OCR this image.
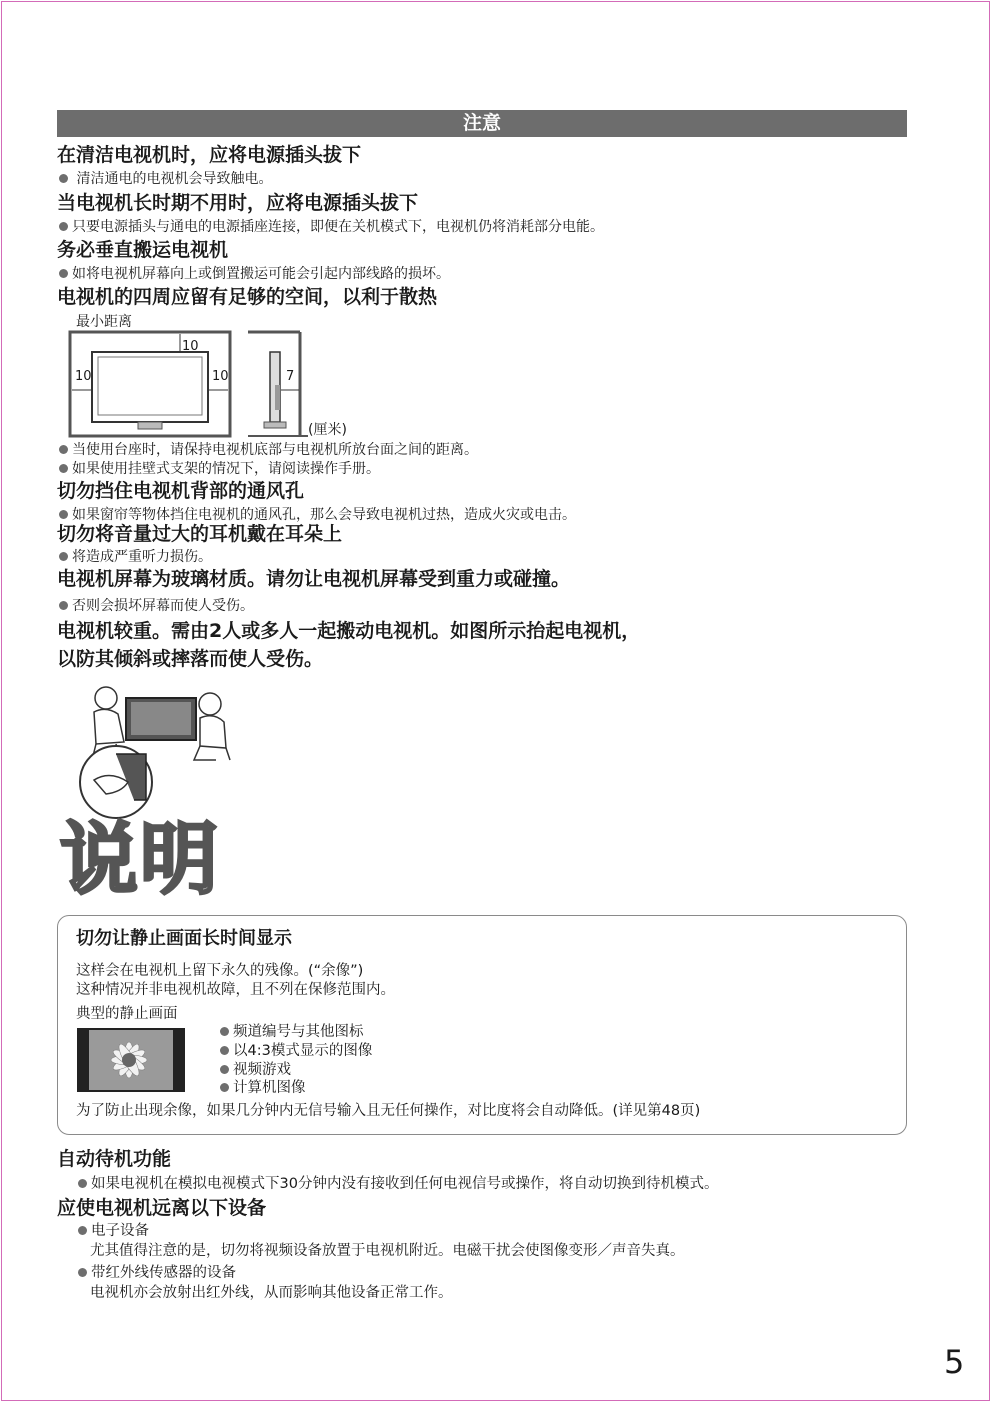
注意
在清洁电视机时，应将电源插头拔下
清洁通电的电视机会导致触电。
当电视机长时期不用时，应将电源插头拔下
只要电源插头与通电的电源插座连接，即便在关机模式下，电视机仍将消耗部分电能。
务必垂直搬运电视机
如将电视机屏幕向上或倒置搬运可能会引起内部线路的损坏。
电视机的四周应留有足够的空间，以利于散热
最小距离
10
10	10	7
(厘米)
当使用台座时，请保持电视机底部与电视机所放台面之间的距离。
如果使用挂壁式支架的情况下，请阅读操作手册。
切勿挡住电视机背部的通风孔
如果窗帘等物体挡住电视机的通风孔，那么会导致电视机过热，造成火灾或电击。
切勿将音量过大的耳机戴在耳朵上
将造成严重听力损伤。
电视机屏幕为玻璃材质。请勿让电视机屏幕受到重力或碰撞。
否则会损坏屏幕而使人受伤。
电视机较重。需由2人或多人一起搬动电视机。如图所示抬起电视机，
以防其倾斜或摔落而使人受伤。
说明
切勿让静止画面长时间显示
这样会在电视机上留下永久的残像。(“余像”)
这种情况并非电视机故障，且不列在保修范围内。
典型的静止画面
频道编号与其他图标
以4:3模式显示的图像
视频游戏
计算机图像
为了防止出现余像，如果几分钟内无信号输入且无任何操作，对比度将会自动降低。(详见第48页)
自动待机功能
如果电视机在模拟电视模式下30分钟内没有接收到任何电视信号或操作，将自动切换到待机模式。
应使电视机远离以下设备
电子设备
尤其值得注意的是，切勿将视频设备放置于电视机附近。电磁干扰会使图像变形／声音失真。
带红外线传感器的设备
电视机亦会放射出红外线，从而影响其他设备正常工作。
5
